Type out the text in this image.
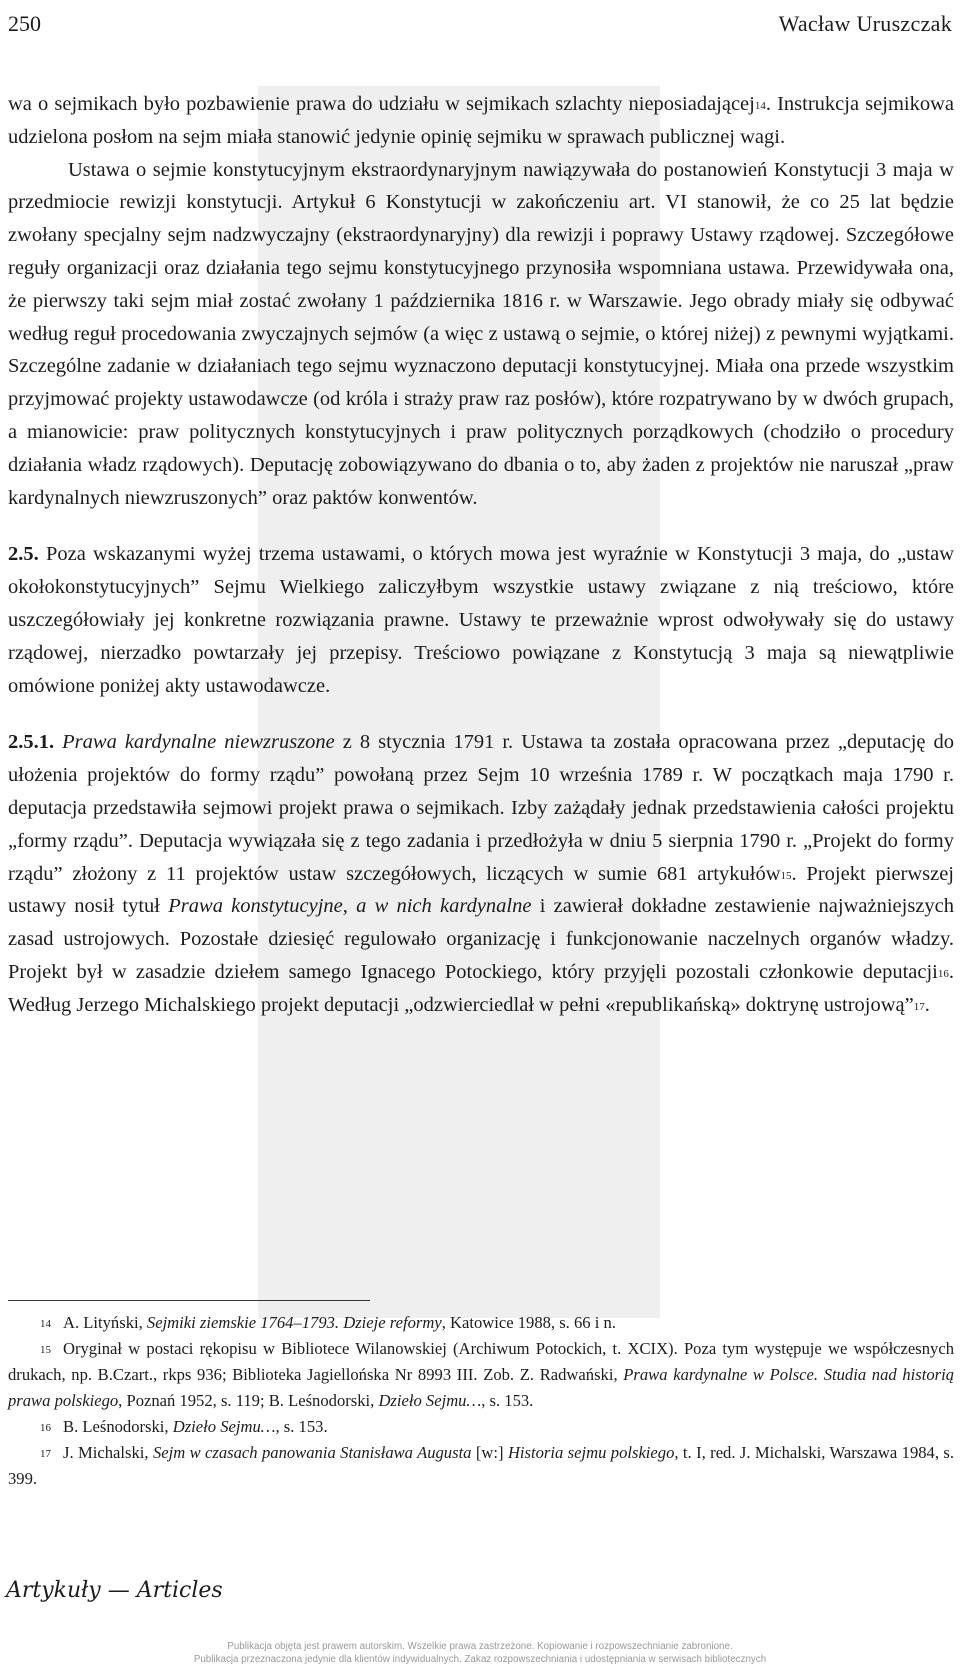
250	Wacław Uruszczak

wa o sejmikach było pozbawienie prawa do udziału w sejmikach szlachty nieposiadającej$^{14}$. Instrukcja sejmikowa udzielona posłom na sejm miała stanowić jedynie opinię sejmiku w sprawach publicznej wagi.

Ustawa o sejmie konstytucyjnym ekstraordynaryjnym nawiązywała do postanowień Konstytucji 3 maja w przedmiocie rewizji konstytucji. Artykuł 6 Konstytucji w zakończeniu art. VI stanowił, że co 25 lat będzie zwołany specjalny sejm nadzwyczajny (ekstraordynaryjny) dla rewizji i poprawy Ustawy rządowej. Szczegółowe reguły organizacji oraz działania tego sejmu konstytucyjnego przynosiła wspomniana ustawa. Przewidywała ona, że pierwszy taki sejm miał zostać zwołany 1 października 1816 r. w Warszawie. Jego obrady miały się odbywać według reguł procedowania zwyczajnych sejmów (a więc z ustawą o sejmie, o której niżej) z pewnymi wyjątkami. Szczególne zadanie w działaniach tego sejmu wyznaczono deputacji konstytucyjnej. Miała ona przede wszystkim przyjmować projekty ustawodawcze (od króla i straży praw raz posłów), które rozpatrywano by w dwóch grupach, a mianowicie: praw politycznych konstytucyjnych i praw politycznych porządkowych (chodziło o procedury działania władz rządowych). Deputację zobowiązywano do dbania o to, aby żaden z projektów nie naruszał „praw kardynalnych niewzruszonych” oraz paktów konwentów.

2.5. Poza wskazanymi wyżej trzema ustawami, o których mowa jest wyraźnie w Konstytucji 3 maja, do „ustaw okołokonstytucyjnych” Sejmu Wielkiego zaliczyłbym wszystkie ustawy związane z nią treściowo, które uszczegółowiały jej konkretne rozwiązania prawne. Ustawy te przeważnie wprost odwoływały się do ustawy rządowej, nierzadko powtarzały jej przepisy. Treściowo powiązane z Konstytucją 3 maja są niewątpliwie omówione poniżej akty ustawodawcze.

2.5.1. Prawa kardynalne niewzruszone z 8 stycznia 1791 r. Ustawa ta została opracowana przez „deputację do ułożenia projektów do formy rządu” powołaną przez Sejm 10 września 1789 r. W początkach maja 1790 r. deputacja przedstawiła sejmowi projekt prawa o sejmikach. Izby zażądały jednak przedstawienia całości projektu „formy rządu”. Deputacja wywiązała się z tego zadania i przedłożyła w dniu 5 sierpnia 1790 r. „Projekt do formy rządu” złożony z 11 projektów ustaw szczegółowych, liczących w sumie 681 artykułów$^{15}$. Projekt pierwszej ustawy nosił tytuł Prawa konstytucyjne, a w nich kardynalne i zawierał dokładne zestawienie najważniejszych zasad ustrojowych. Pozostałe dziesięć regulowało organizację i funkcjonowanie naczelnych organów władzy. Projekt był w zasadzie dziełem samego Ignacego Potockiego, który przyjęli pozostali członkowie deputacji$^{16}$. Według Jerzego Michalskiego projekt deputacji „odzwierciedlał w pełni «republikańską» doktrynę ustrojową”$^{17}$.

$^{14}$ A. Lityński, Sejmiki ziemskie 1764–1793. Dzieje reformy, Katowice 1988, s. 66 i n.

$^{15}$ Oryginał w postaci rękopisu w Bibliotece Wilanowskiej (Archiwum Potockich, t. XCIX). Poza tym występuje we współczesnych drukach, np. B.Czart., rkps 936; Biblioteka Jagiellońska Nr 8993 III. Zob. Z. Radwański, Prawa kardynalne w Polsce. Studia nad historią prawa polskiego, Poznań 1952, s. 119; B. Leśnodorski, Dzieło Sejmu…, s. 153.

$^{16}$ B. Leśnodorski, Dzieło Sejmu…, s. 153.

$^{17}$ J. Michalski, Sejm w czasach panowania Stanisława Augusta [w:] Historia sejmu polskiego, t. I, red. J. Michalski, Warszawa 1984, s. 399.

Artykuły — Articles
Publikacja objęta jest prawem autorskim. Wszelkie prawa zastrzeżone. Kopiowanie i rozpowszechnianie zabronione.
Publikacja przeznaczona jedynie dla klientów indywidualnych. Zakaz rozpowszechniania i udostępniania w serwisach bibliotecznych
